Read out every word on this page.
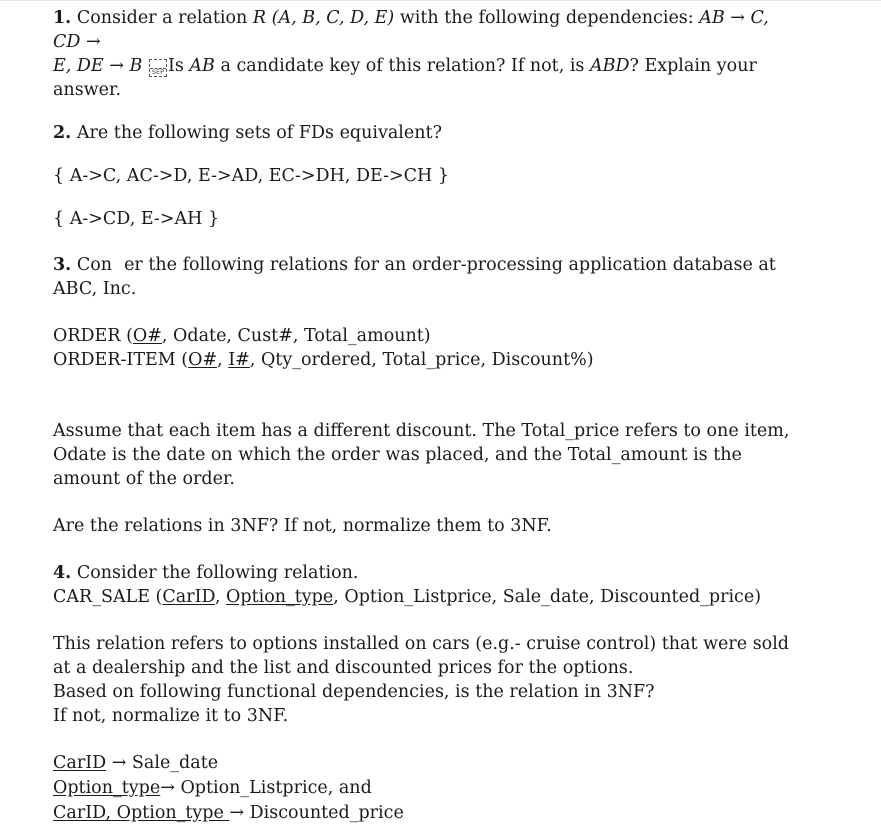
1. Consider a relation R (A, B, C, D, E) with the following dependencies: AB → C, CD →
E, DE → B SEP Is AB a candidate key of this relation? If not, is ABD? Explain your
answer.

2. Are the following sets of FDs equivalent?

{ A->C, AC->D, E->AD, EC->DH, DE->CH }

{ A->CD, E->AH }

3. Con er the following relations for an order-processing application database at
ABC, Inc.

ORDER (O#, Odate, Cust#, Total_amount)
ORDER-ITEM (O#, I#, Qty_ordered, Total_price, Discount%)

Assume that each item has a different discount. The Total_price refers to one item,
Odate is the date on which the order was placed, and the Total_amount is the
amount of the order.

Are the relations in 3NF? If not, normalize them to 3NF.

4. Consider the following relation.
CAR_SALE (CarID, Option_type, Option_Listprice, Sale_date, Discounted_price)

This relation refers to options installed on cars (e.g.- cruise control) that were sold
at a dealership and the list and discounted prices for the options.
Based on following functional dependencies, is the relation in 3NF?
If not, normalize it to 3NF.

CarID → Sale_date
Option_type→ Option_Listprice, and
CarID, Option_type → Discounted_price
